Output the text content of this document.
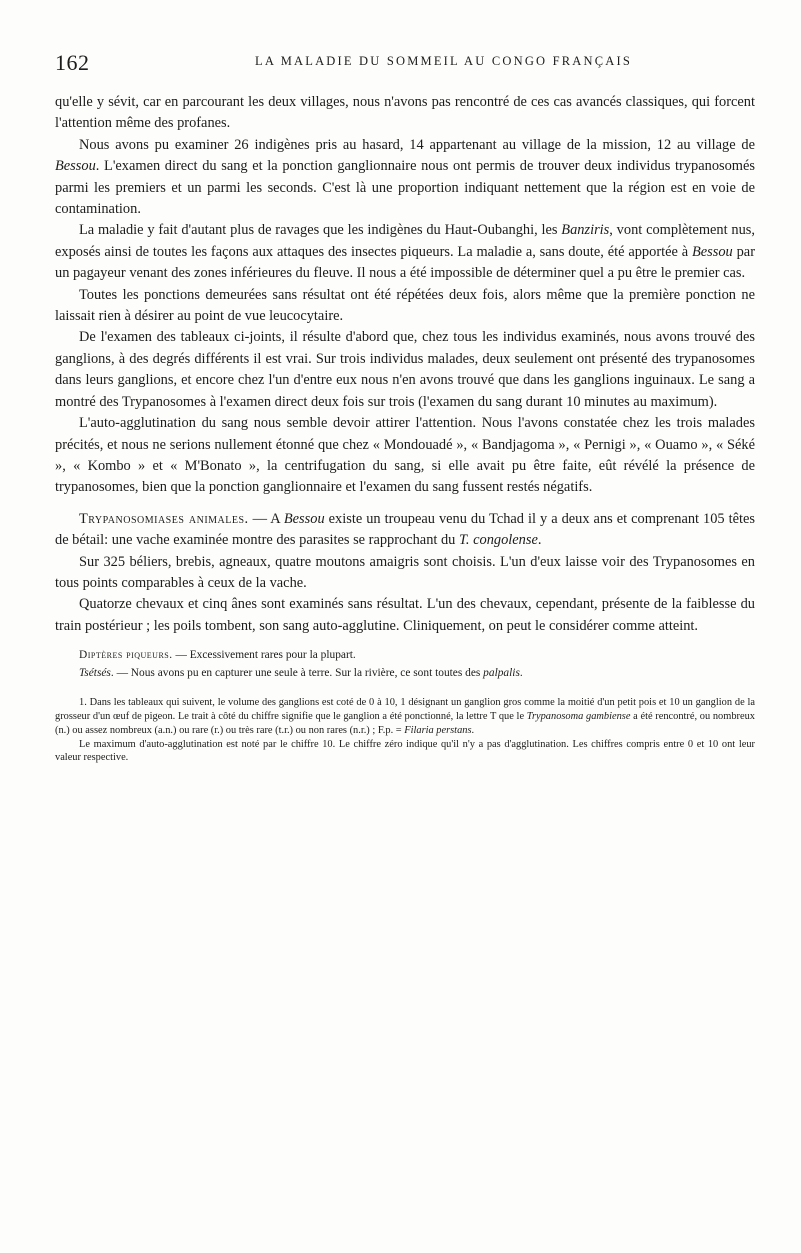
162	LA MALADIE DU SOMMEIL AU CONGO FRANÇAIS

qu'elle y sévit, car en parcourant les deux villages, nous n'avons pas rencontré de ces cas avancés classiques, qui forcent l'attention même des profanes.

Nous avons pu examiner 26 indigènes pris au hasard, 14 appartenant au village de la mission, 12 au village de Bessou. L'examen direct du sang et la ponction ganglionnaire nous ont permis de trouver deux individus trypanosomés parmi les premiers et un parmi les seconds. C'est là une proportion indiquant nettement que la région est en voie de contamination.

La maladie y fait d'autant plus de ravages que les indigènes du Haut-Oubanghi, les Banziris, vont complètement nus, exposés ainsi de toutes les façons aux attaques des insectes piqueurs. La maladie a, sans doute, été apportée à Bessou par un pagayeur venant des zones inférieures du fleuve. Il nous a été impossible de déterminer quel a pu être le premier cas.

Toutes les ponctions demeurées sans résultat ont été répétées deux fois, alors même que la première ponction ne laissait rien à désirer au point de vue leucocytaire.

De l'examen des tableaux ci-joints, il résulte d'abord que, chez tous les individus examinés, nous avons trouvé des ganglions, à des degrés différents il est vrai. Sur trois individus malades, deux seulement ont présenté des trypanosomes dans leurs ganglions, et encore chez l'un d'entre eux nous n'en avons trouvé que dans les ganglions inguinaux. Le sang a montré des Trypanosomes à l'examen direct deux fois sur trois (l'examen du sang durant 10 minutes au maximum).

L'auto-agglutination du sang nous semble devoir attirer l'attention. Nous l'avons constatée chez les trois malades précités, et nous ne serions nullement étonné que chez « Mondouadé », « Bandjagoma », « Pernigi », « Ouamo », « Séké », « Kombo » et « M'Bonato », la centrifugation du sang, si elle avait pu être faite, eût révélé la présence de trypanosomes, bien que la ponction ganglionnaire et l'examen du sang fussent restés négatifs.

Trypanosomiases animales. — A Bessou existe un troupeau venu du Tchad il y a deux ans et comprenant 105 têtes de bétail: une vache examinée montre des parasites se rapprochant du T. congolense.

Sur 325 béliers, brebis, agneaux, quatre moutons amaigris sont choisis. L'un d'eux laisse voir des Trypanosomes en tous points comparables à ceux de la vache.

Quatorze chevaux et cinq ânes sont examinés sans résultat. L'un des chevaux, cependant, présente de la faiblesse du train postérieur ; les poils tombent, son sang auto-agglutine. Cliniquement, on peut le considérer comme atteint.

Diptères piqueurs. — Excessivement rares pour la plupart.

Tsétsés. — Nous avons pu en capturer une seule à terre. Sur la rivière, ce sont toutes des palpalis.

1. Dans les tableaux qui suivent, le volume des ganglions est coté de 0 à 10, 1 désignant un ganglion gros comme la moitié d'un petit pois et 10 un ganglion de la grosseur d'un œuf de pigeon. Le trait à côté du chiffre signifie que le ganglion a été ponctionné, la lettre T que le Trypanosoma gambiense a été rencontré, ou nombreux (n.) ou assez nombreux (a.n.) ou rare (r.) ou très rare (t.r.) ou non rares (n.r.) ; F.p. = Filaria perstans.

Le maximum d'auto-agglutination est noté par le chiffre 10. Le chiffre zéro indique qu'il n'y a pas d'agglutination. Les chiffres compris entre 0 et 10 ont leur valeur respective.
